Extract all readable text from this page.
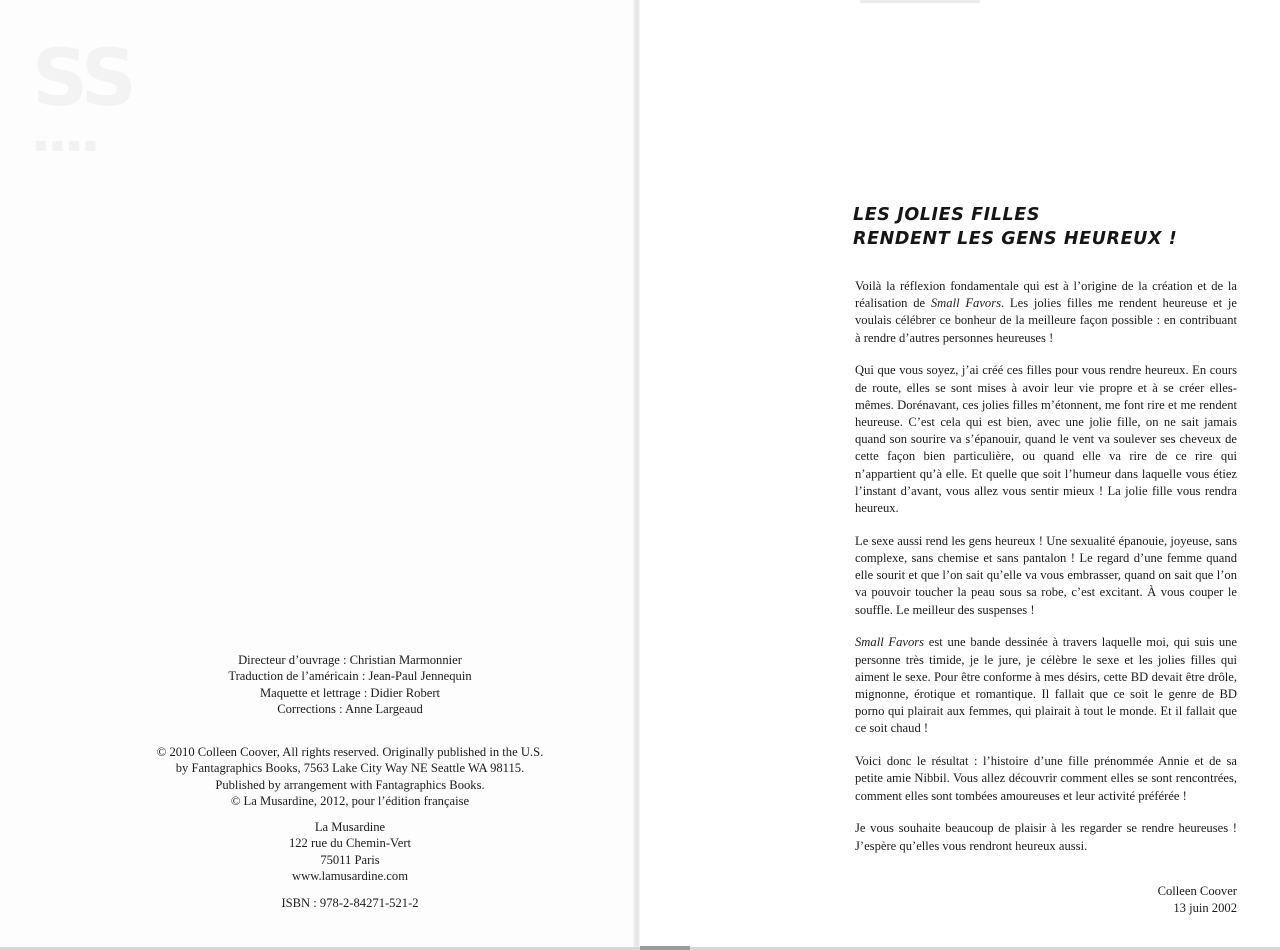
SS
▪▪▪▪
Directeur d’ouvrage : Christian Marmonnier
Traduction de l’américain : Jean-Paul Jennequin
Maquette et lettrage : Didier Robert
Corrections : Anne Largeaud
© 2010 Colleen Coover, All rights reserved. Originally published in the U.S.
by Fantagraphics Books, 7563 Lake City Way NE Seattle WA 98115.
Published by arrangement with Fantagraphics Books.
© La Musardine, 2012, pour l’édition française
La Musardine
122 rue du Chemin-Vert
75011 Paris
www.lamusardine.com
ISBN : 978-2-84271-521-2
LES JOLIES FILLES
RENDENT LES GENS HEUREUX !

Voilà la réflexion fondamentale qui est à l’origine de la création et de la réalisation de Small Favors. Les jolies filles me rendent heureuse et je voulais célébrer ce bonheur de la meilleure façon possible : en contribuant à rendre d’autres personnes heureuses !

Qui que vous soyez, j’ai créé ces filles pour vous rendre heureux. En cours de route, elles se sont mises à avoir leur vie propre et à se créer elles-mêmes. Dorénavant, ces jolies filles m’étonnent, me font rire et me rendent heureuse. C’est cela qui est bien, avec une jolie fille, on ne sait jamais quand son sourire va s’épanouir, quand le vent va soulever ses cheveux de cette façon bien particulière, ou quand elle va rire de ce rire qui n’appartient qu’à elle. Et quelle que soit l’humeur dans laquelle vous étiez l’instant d’avant, vous allez vous sentir mieux ! La jolie fille vous rendra heureux.

Le sexe aussi rend les gens heureux ! Une sexualité épanouie, joyeuse, sans complexe, sans chemise et sans pantalon ! Le regard d’une femme quand elle sourit et que l’on sait qu’elle va vous embrasser, quand on sait que l’on va pouvoir toucher la peau sous sa robe, c’est excitant. À vous couper le souffle. Le meilleur des suspenses !

Small Favors est une bande dessinée à travers laquelle moi, qui suis une personne très timide, je le jure, je célèbre le sexe et les jolies filles qui aiment le sexe. Pour être conforme à mes désirs, cette BD devait être drôle, mignonne, érotique et romantique. Il fallait que ce soit le genre de BD porno qui plairait aux femmes, qui plairait à tout le monde. Et il fallait que ce soit chaud !

Voici donc le résultat : l’histoire d’une fille prénommée Annie et de sa petite amie Nibbil. Vous allez découvrir comment elles se sont rencontrées, comment elles sont tombées amoureuses et leur activité préférée !

Je vous souhaite beaucoup de plaisir à les regarder se rendre heureuses ! J’espère qu’elles vous rendront heureux aussi.

Colleen Coover
13 juin 2002
